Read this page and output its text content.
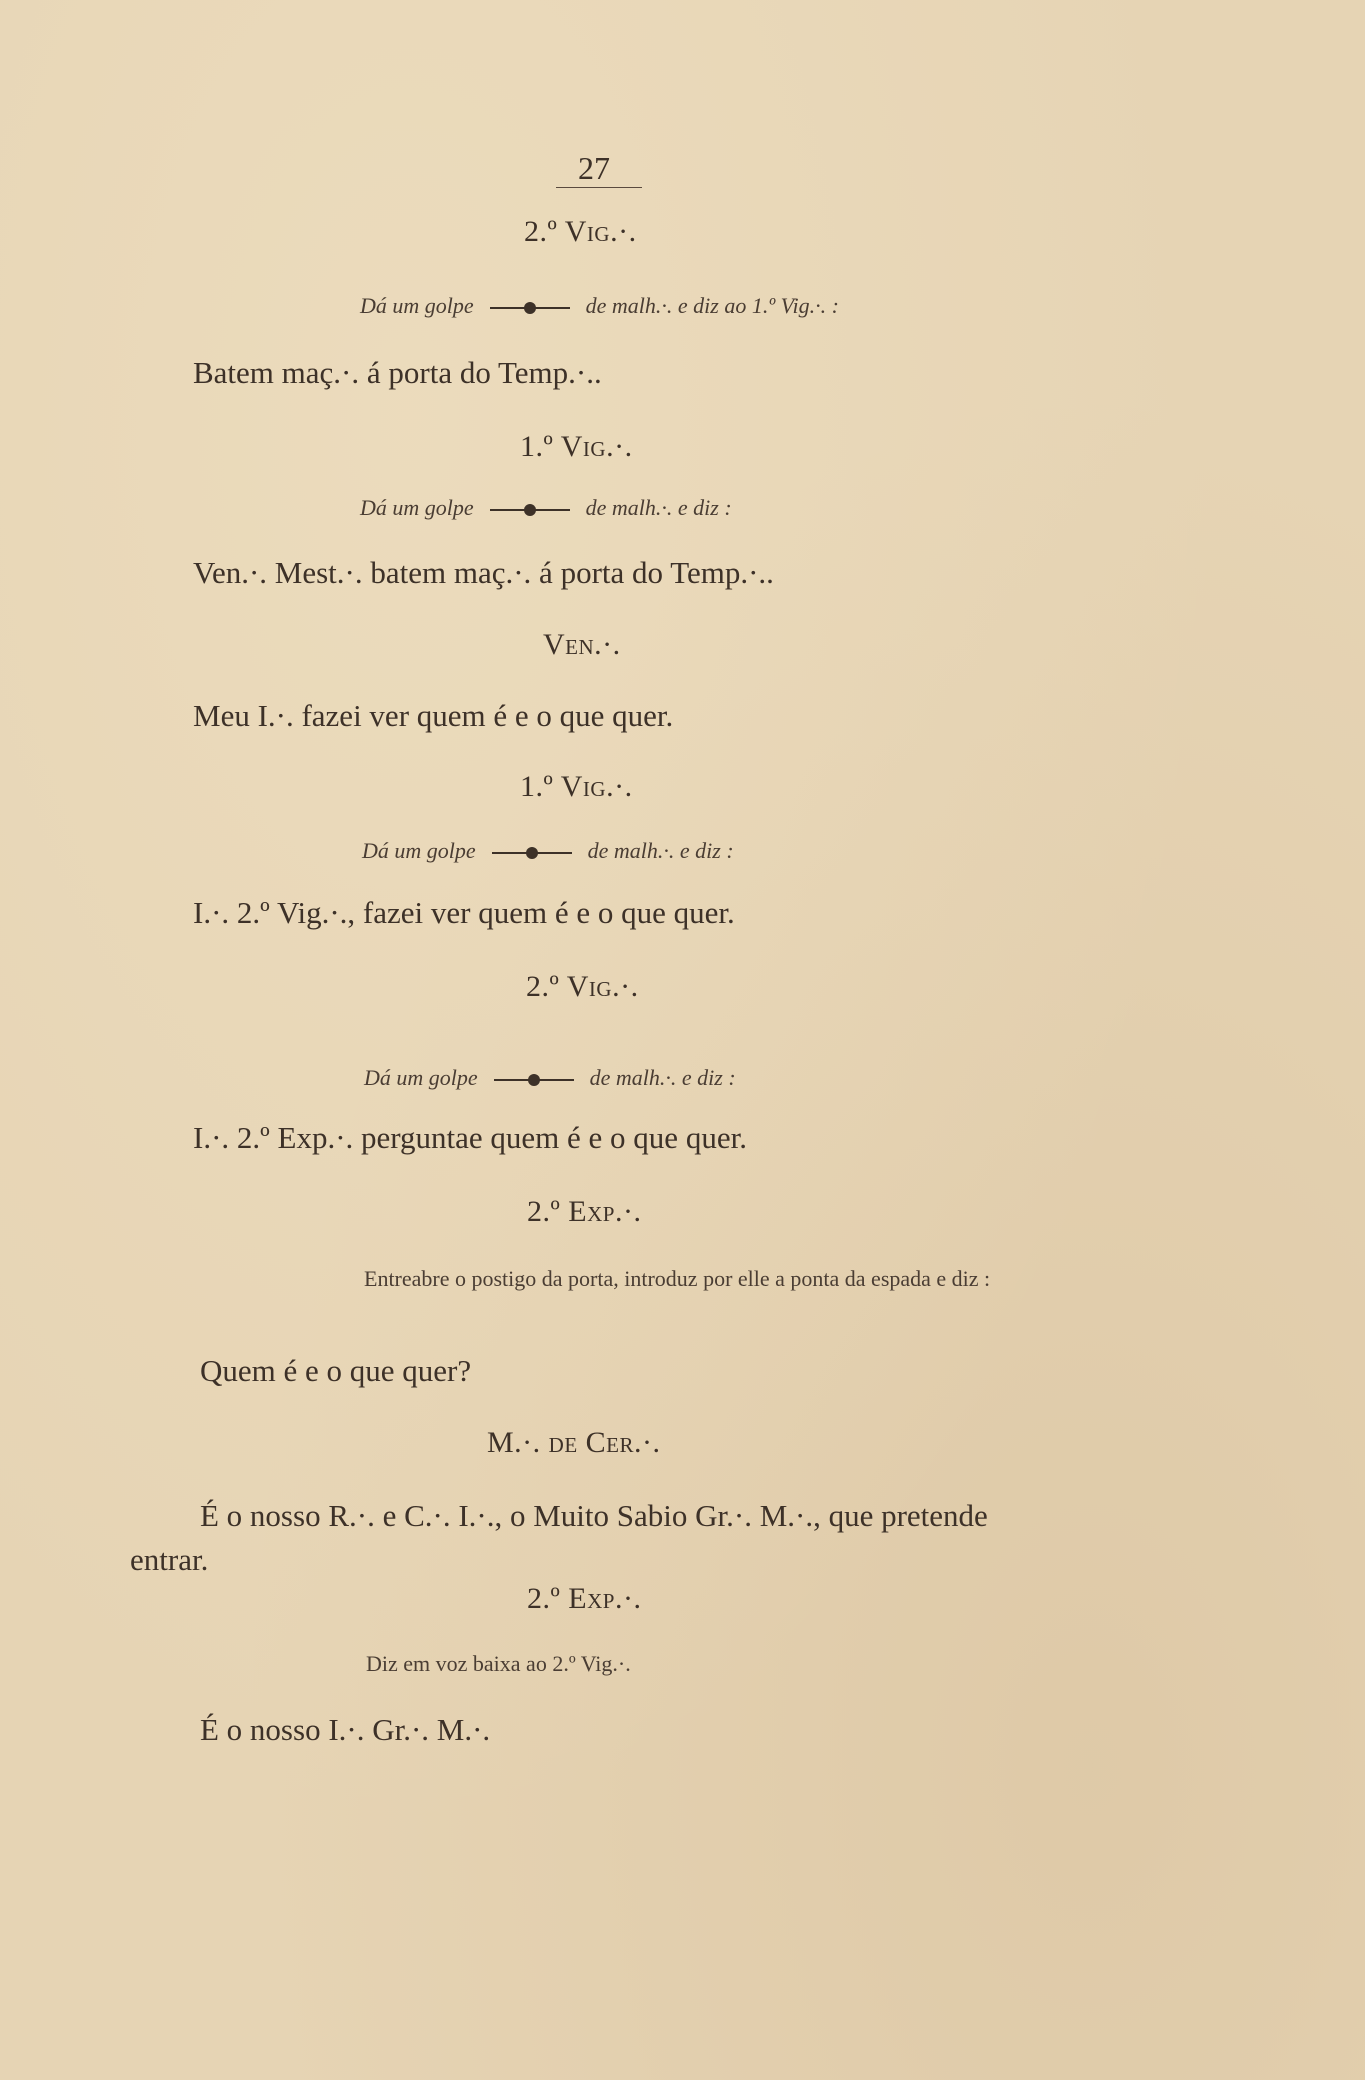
27
2.º Vig.·.
Dá um golpe	de malh.·. e diz ao 1.º Vig.·. :
Batem maç.·. á porta do Temp.·..
1.º Vig.·.
Dá um golpe	de malh.·. e diz :
Ven.·. Mest.·. batem maç.·. á porta do Temp.·..
Ven.·.
Meu I.·. fazei ver quem é e o que quer.
1.º Vig.·.
Dá um golpe	de malh.·. e diz :
I.·. 2.º Vig.·., fazei ver quem é e o que quer.
2.º Vig.·.
Dá um golpe	de malh.·. e diz :
I.·. 2.º Exp.·. perguntae quem é e o que quer.
2.º Exp.·.
Entreabre o postigo da porta, introduz por elle a ponta da espada e diz :
Quem é e o que quer?
M.·. de Cer.·.
É o nosso R.·. e C.·. I.·., o Muito Sabio Gr.·. M.·., que pretende entrar.
2.º Exp.·.
Diz em voz baixa ao 2.º Vig.·.
É o nosso I.·. Gr.·. M.·.
